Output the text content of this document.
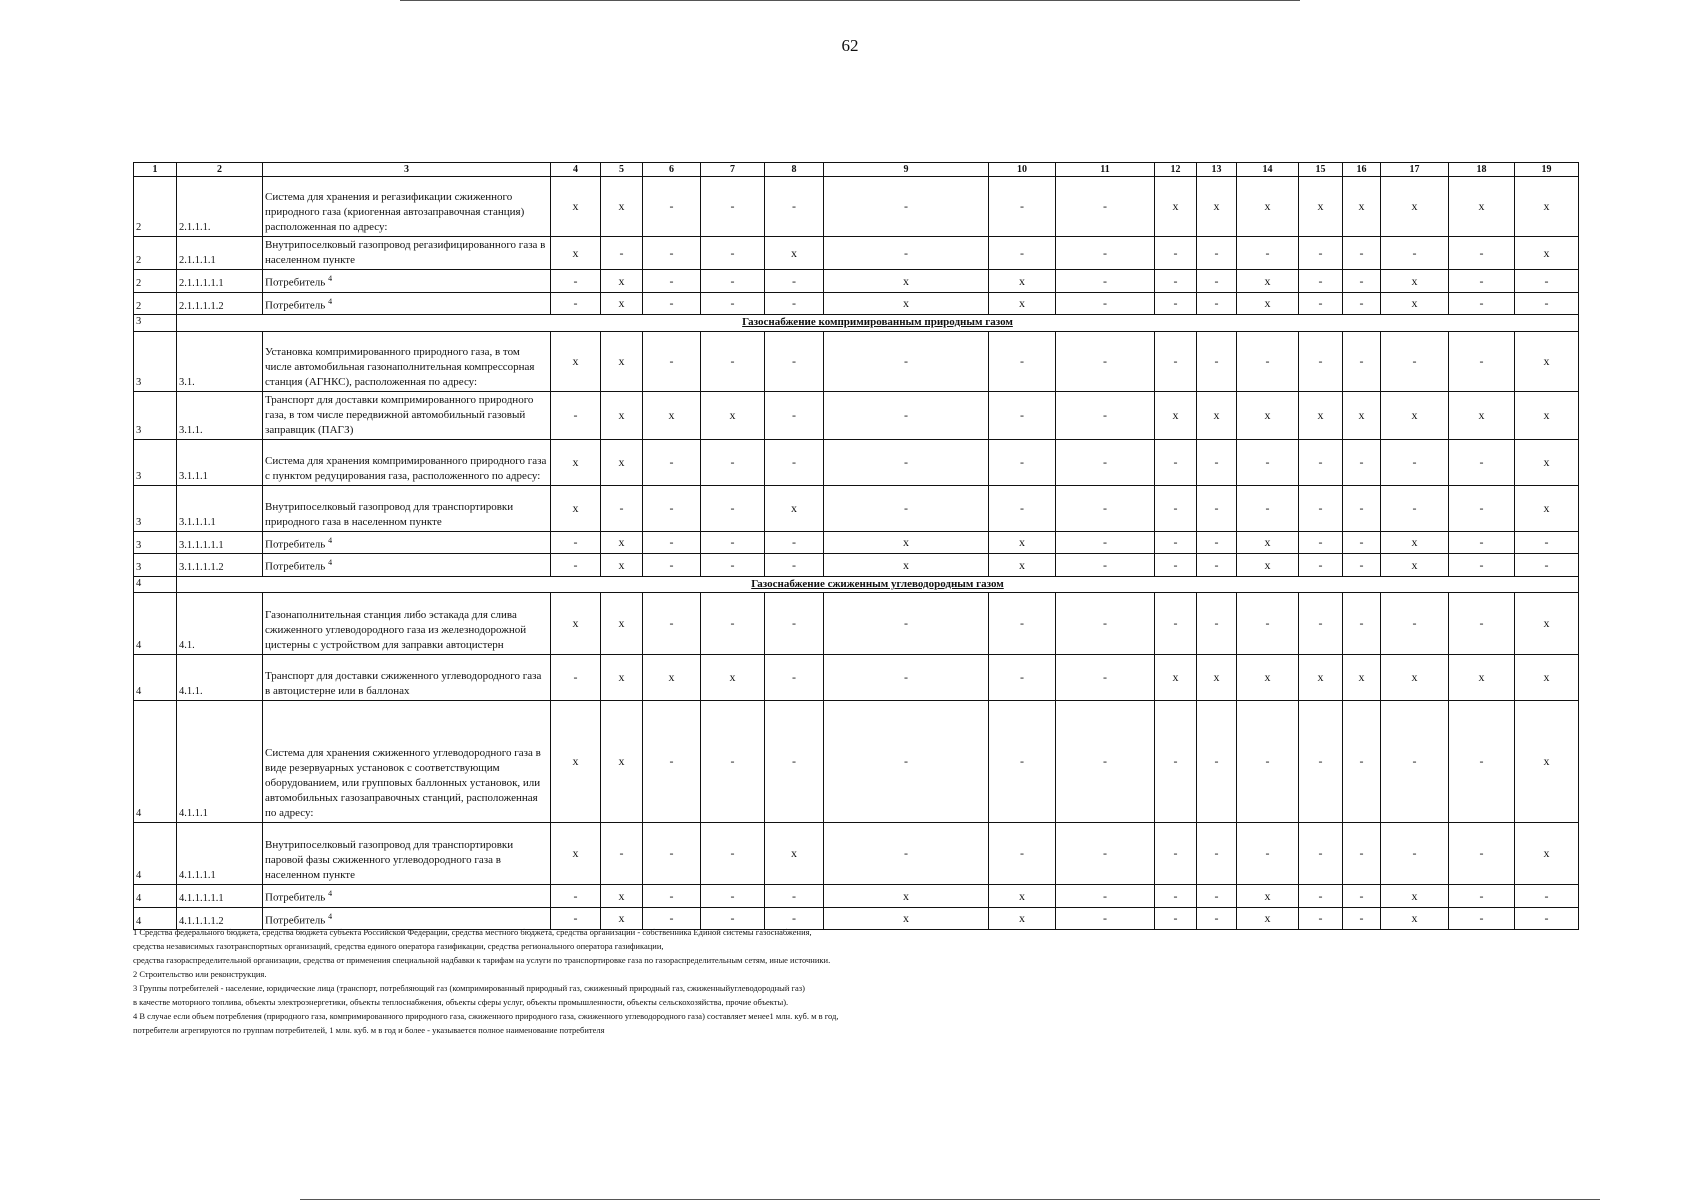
62
1	2	3	4	5	6	7	8	9	10	11	12	13	14	15	16	17	18	19
2	2.1.1.1.	Система для хранения и регазификации сжиженного природного газа (криогенная автозаправочная станция) расположенная по адресу:	x	x	-	-	-	-	-	-	x	x	x	x	x	x	x	x
2	2.1.1.1.1	Внутрипоселковый газопровод регазифицированного газа в населенном пункте	x	-	-	-	x	-	-	-	-	-	-	-	-	-	-	x
2	2.1.1.1.1.1	Потребитель $^4$	-	x	-	-	-	x	x	-	-	-	x	-	-	x	-	-
2	2.1.1.1.1.2	Потребитель $^4$	-	x	-	-	-	x	x	-	-	-	x	-	-	x	-	-
3	Газоснабжение компримированным природным газом																	
3	3.1.	Установка компримированного природного газа, в том числе автомобильная газонаполнительная компрессорная станция (АГНКС), расположенная по адресу:	x	x	-	-	-	-	-	-	-	-	-	-	-	-	-	x
3	3.1.1.	Транспорт для доставки компримированного природного газа, в том числе передвижной автомобильный газовый заправщик (ПАГЗ)	-	x	x	x	-	-	-	-	x	x	x	x	x	x	x	x
3	3.1.1.1	Система для хранения компримированного природного газа с пунктом редуцирования газа, расположенного по адресу:	x	x	-	-	-	-	-	-	-	-	-	-	-	-	-	x
3	3.1.1.1.1	Внутрипоселковый газопровод для транспортировки природного газа в населенном пункте	x	-	-	-	x	-	-	-	-	-	-	-	-	-	-	x
3	3.1.1.1.1.1	Потребитель $^4$	-	x	-	-	-	x	x	-	-	-	x	-	-	x	-	-
3	3.1.1.1.1.2	Потребитель $^4$	-	x	-	-	-	x	x	-	-	-	x	-	-	x	-	-
4	Газоснабжение сжиженным углеводородным газом																	
4	4.1.	Газонаполнительная станция либо эстакада для слива сжиженного углеводородного газа из железнодорожной цистерны с устройством для заправки автоцистерн	x	x	-	-	-	-	-	-	-	-	-	-	-	-	-	x
4	4.1.1.	Транспорт для доставки сжиженного углеводородного газа в автоцистерне или в баллонах	-	x	x	x	-	-	-	-	x	x	x	x	x	x	x	x
4	4.1.1.1	Система для хранения сжиженного углеводородного газа в виде резервуарных установок с соответствующим оборудованием, или групповых баллонных установок, или автомобильных газозаправочных станций, расположенная по адресу:	x	x	-	-	-	-	-	-	-	-	-	-	-	-	-	x
4	4.1.1.1.1	Внутрипоселковый газопровод для транспортировки паровой фазы сжиженного углеводородного газа в населенном пункте	x	-	-	-	x	-	-	-	-	-	-	-	-	-	-	x
4	4.1.1.1.1.1	Потребитель $^4$	-	x	-	-	-	x	x	-	-	-	x	-	-	x	-	-
4	4.1.1.1.1.2	Потребитель $^4$	-	x	-	-	-	x	x	-	-	-	x	-	-	x	-	-
1 Средства федерального бюджета, средства бюджета субъекта Российской Федерации, средства местного бюджета, средства организации - собственника Единой системы газоснабжения,
средства независимых газотранспортных организаций, средства единого оператора газификации, средства регионального оператора газификации,
средства газораспределительной организации, средства от применения специальной надбавки к тарифам на услуги по транспортировке газа по газораспределительным сетям, иные источники.
2 Строительство или реконструкция.
3 Группы потребителей - население, юридические лица (транспорт, потребляющий газ (компримированный природный газ, сжиженный природный газ, сжиженныйуглеводородный газ)
в качестве моторного топлива, объекты электроэнергетики, объекты теплоснабжения, объекты сферы услуг, объекты промышленности, объекты сельскохозяйства, прочие объекты).
4 В случае если объем потребления (природного газа, компримированного природного газа, сжиженного природного газа, сжиженного углеводородного газа) составляет менее1 млн. куб. м в год,
потребители агрегируются по группам потребителей, 1 млн. куб. м в год и более - указывается полное наименование потребителя
